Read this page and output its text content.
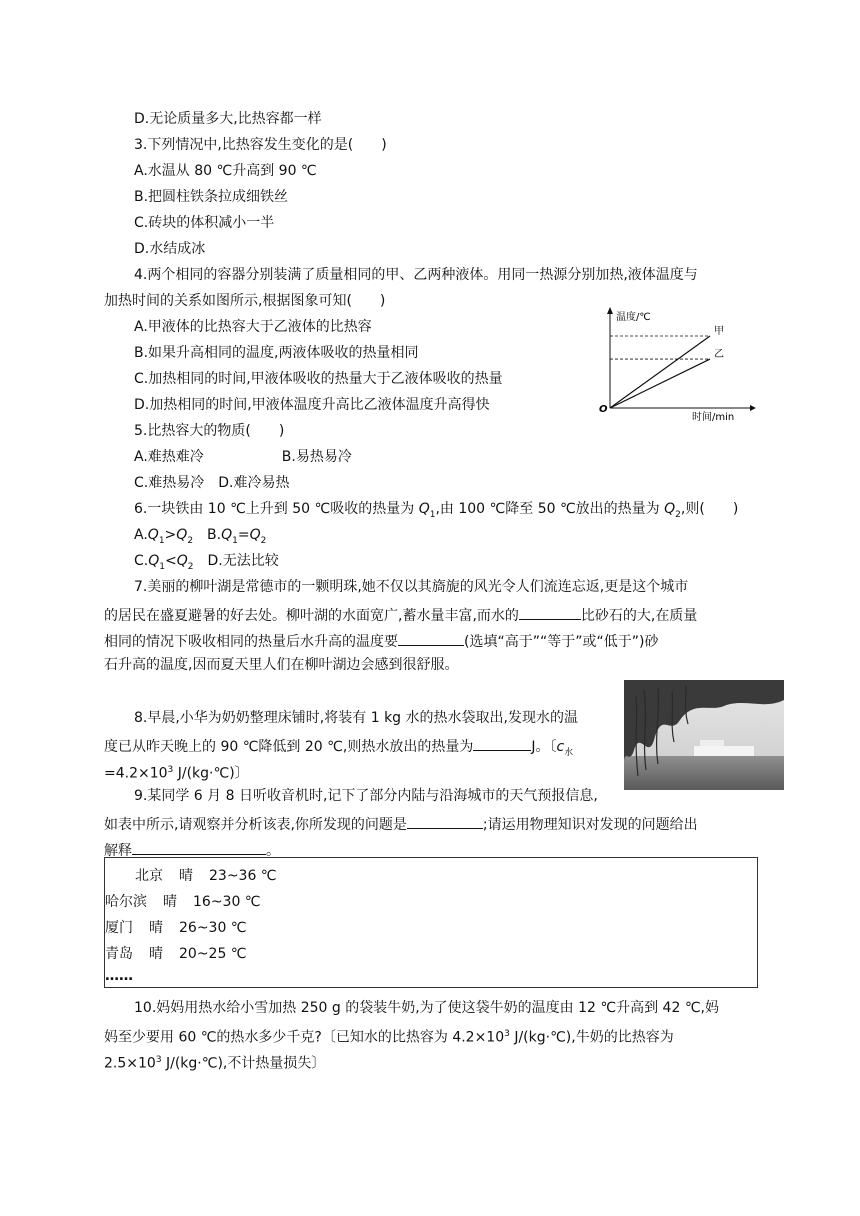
D.无论质量多大,比热容都一样
3.下列情况中,比热容发生变化的是(　　)
A.水温从 80 ℃升高到 90 ℃
B.把圆柱铁条拉成细铁丝
C.砖块的体积减小一半
D.水结成冰
4.两个相同的容器分别装满了质量相同的甲、乙两种液体。用同一热源分别加热,液体温度与
加热时间的关系如图所示,根据图象可知(　　)
A.甲液体的比热容大于乙液体的比热容
B.如果升高相同的温度,两液体吸收的热量相同
C.加热相同的时间,甲液体吸收的热量大于乙液体吸收的热量
D.加热相同的时间,甲液体温度升高比乙液体温度升高得快
5.比热容大的物质(　　)
A.难热难冷	B.易热易冷
C.难热易冷　D.难冷易热
6.一块铁由 10 ℃上升到 50 ℃吸收的热量为 $Q_1$,由 100 ℃降至 50 ℃放出的热量为 $Q_2$,则(　　)
$A.Q_1>Q_2$　$B.Q_1=Q_2$
$C.Q_1<Q_2$　D.无法比较
7.美丽的柳叶湖是常德市的一颗明珠,她不仅以其旖旎的风光令人们流连忘返,更是这个城市
的居民在盛夏避暑的好去处。柳叶湖的水面宽广,蓄水量丰富,而水的	比砂石的大,在质量
相同的情况下吸收相同的热量后水升高的温度要	(选填“高于”“等于”或“低于”)砂
石升高的温度,因而夏天里人们在柳叶湖边会感到很舒服。
8.早晨,小华为奶奶整理床铺时,将装有 1 kg 水的热水袋取出,发现水的温
度已从昨天晚上的 90 ℃降低到 20 ℃,则热水放出的热量为	J。〔$c_水$
$=4.2\times 10^3$ J/(kg·℃)〕
9.某同学 6 月 8 日听收音机时,记下了部分内陆与沿海城市的天气预报信息,
如表中所示,请观察并分析该表,你所发现的问题是	;请运用物理知识对发现的问题给出
解释	。
北京 晴 23~36 ℃
哈尔滨 晴 16~30 ℃
厦门 晴 26~30 ℃
青岛 晴 20~25 ℃
……
10.妈妈用热水给小雪加热 250 g 的袋装牛奶,为了使这袋牛奶的温度由 12 ℃升高到 42 ℃,妈
妈至少要用 60 ℃的热水多少千克?〔已知水的比热容为 $4.2\times 10^3$ J/(kg·℃),牛奶的比热容为
$2.5\times 10^3$ J/(kg·℃),不计热量损失〕
温度/℃
时间/min
O
甲
乙
